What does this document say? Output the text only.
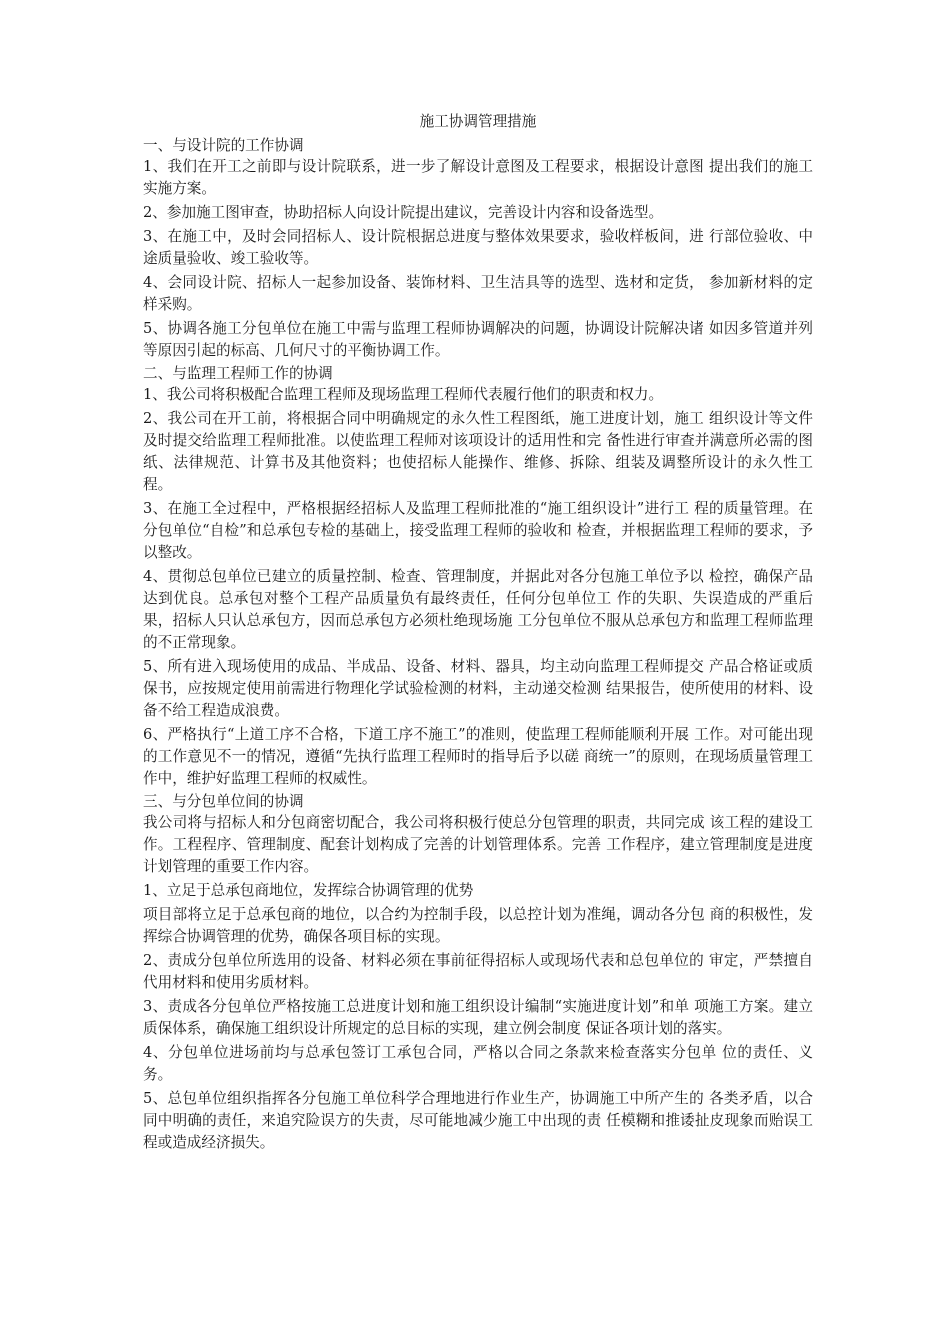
施工协调管理措施
一、与设计院的工作协调

1、我们在开工之前即与设计院联系，进一步了解设计意图及工程要求，根据设计意图 提出我们的施工实施方案。

2、参加施工图审查，协助招标人向设计院提出建议，完善设计内容和设备选型。

3、在施工中，及时会同招标人、设计院根据总进度与整体效果要求，验收样板间，进 行部位验收、中途质量验收、竣工验收等。

4、会同设计院、招标人一起参加设备、装饰材料、卫生洁具等的选型、选材和定货， 参加新材料的定样采购。

5、协调各施工分包单位在施工中需与监理工程师协调解决的问题，协调设计院解决诸 如因多管道并列等原因引起的标高、几何尺寸的平衡协调工作。

二、与监理工程师工作的协调

1、我公司将积极配合监理工程师及现场监理工程师代表履行他们的职责和权力。

2、我公司在开工前，将根据合同中明确规定的永久性工程图纸，施工进度计划，施工 组织设计等文件及时提交给监理工程师批准。以使监理工程师对该项设计的适用性和完 备性进行审查并满意所必需的图纸、法律规范、计算书及其他资料；也使招标人能操作、维修、拆除、组装及调整所设计的永久性工程。

3、在施工全过程中，严格根据经招标人及监理工程师批准的“施工组织设计”进行工 程的质量管理。在分包单位“自检”和总承包专检的基础上，接受监理工程师的验收和 检查，并根据监理工程师的要求，予以整改。

4、贯彻总包单位已建立的质量控制、检查、管理制度，并据此对各分包施工单位予以 检控，确保产品达到优良。总承包对整个工程产品质量负有最终责任，任何分包单位工 作的失职、失误造成的严重后果，招标人只认总承包方，因而总承包方必须杜绝现场施 工分包单位不服从总承包方和监理工程师监理的不正常现象。

5、所有进入现场使用的成品、半成品、设备、材料、器具，均主动向监理工程师提交 产品合格证或质保书，应按规定使用前需进行物理化学试验检测的材料，主动递交检测 结果报告，使所使用的材料、设备不给工程造成浪费。

6、严格执行“上道工序不合格，下道工序不施工”的准则，使监理工程师能顺利开展 工作。对可能出现的工作意见不一的情况，遵循“先执行监理工程师时的指导后予以磋 商统一”的原则，在现场质量管理工作中，维护好监理工程师的权威性。

三、与分包单位间的协调

我公司将与招标人和分包商密切配合，我公司将积极行使总分包管理的职责，共同完成 该工程的建设工作。工程程序、管理制度、配套计划构成了完善的计划管理体系。完善 工作程序，建立管理制度是进度计划管理的重要工作内容。

1、立足于总承包商地位，发挥综合协调管理的优势

项目部将立足于总承包商的地位，以合约为控制手段，以总控计划为准绳，调动各分包 商的积极性，发挥综合协调管理的优势，确保各项目标的实现。

2、责成分包单位所选用的设备、材料必须在事前征得招标人或现场代表和总包单位的 审定，严禁擅自代用材料和使用劣质材料。

3、责成各分包单位严格按施工总进度计划和施工组织设计编制“实施进度计划”和单 项施工方案。建立质保体系，确保施工组织设计所规定的总目标的实现，建立例会制度 保证各项计划的落实。

4、分包单位进场前均与总承包签订工承包合同，严格以合同之条款来检查落实分包单 位的责任、义务。

5、总包单位组织指挥各分包施工单位科学合理地进行作业生产，协调施工中所产生的 各类矛盾，以合同中明确的责任，来追究险误方的失责，尽可能地减少施工中出现的责 任模糊和推诿扯皮现象而贻误工程或造成经济损失。
